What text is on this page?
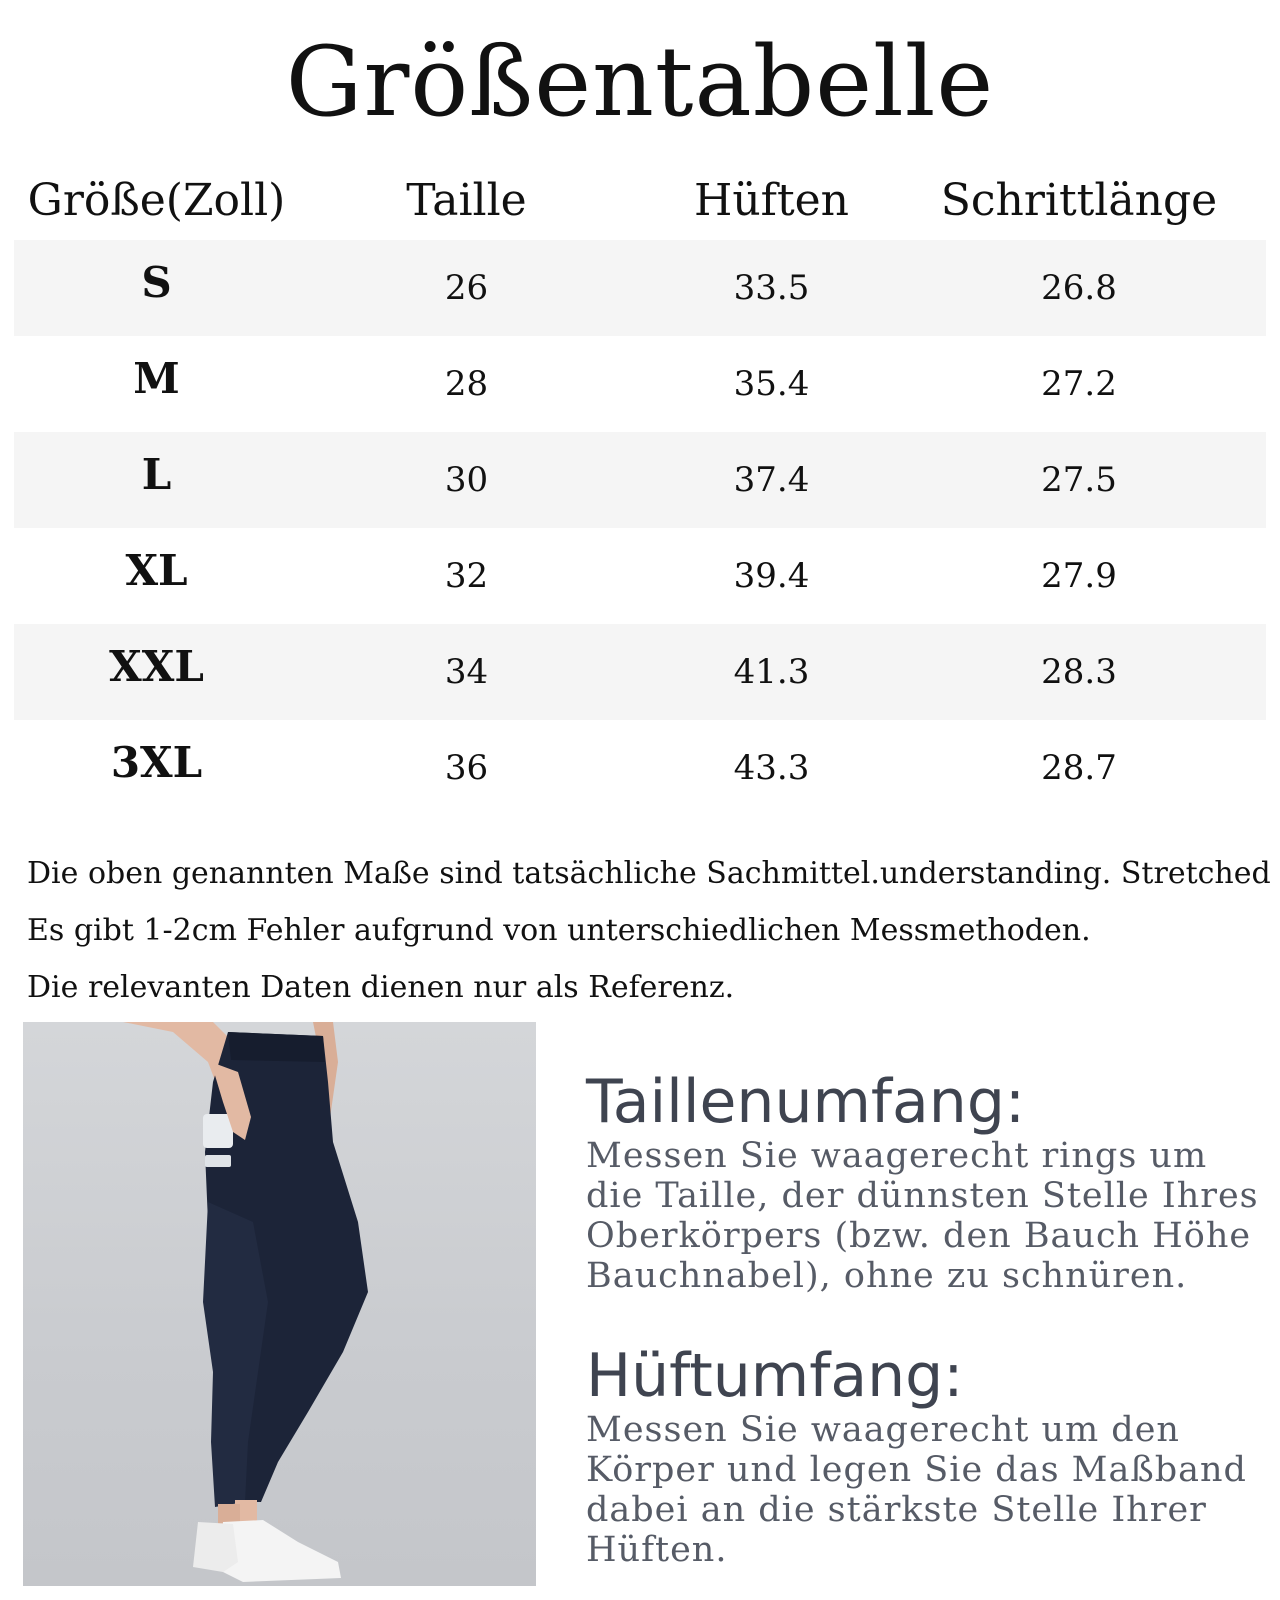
Größentabelle
Größe(Zoll)	Taille	Hüften	Schrittlänge
S	26	33.5	26.8
M	28	35.4	27.2
L	30	37.4	27.5
XL	32	39.4	27.9
XXL	34	41.3	28.3
3XL	36	43.3	28.7
Die oben genannten Maße sind tatsächliche Sachmittel.understanding. Stretched
Es gibt 1-2cm Fehler aufgrund von unterschiedlichen Messmethoden.
Die relevanten Daten dienen nur als Referenz.
Taillenumfang:

Messen Sie waagerecht rings um die Taille, der dünnsten Stelle Ihres Oberkörpers (bzw. den Bauch Höhe Bauchnabel), ohne zu schnüren.

Hüftumfang:

Messen Sie waagerecht um den Körper und legen Sie das Maßband dabei an die stärkste Stelle Ihrer Hüften.
